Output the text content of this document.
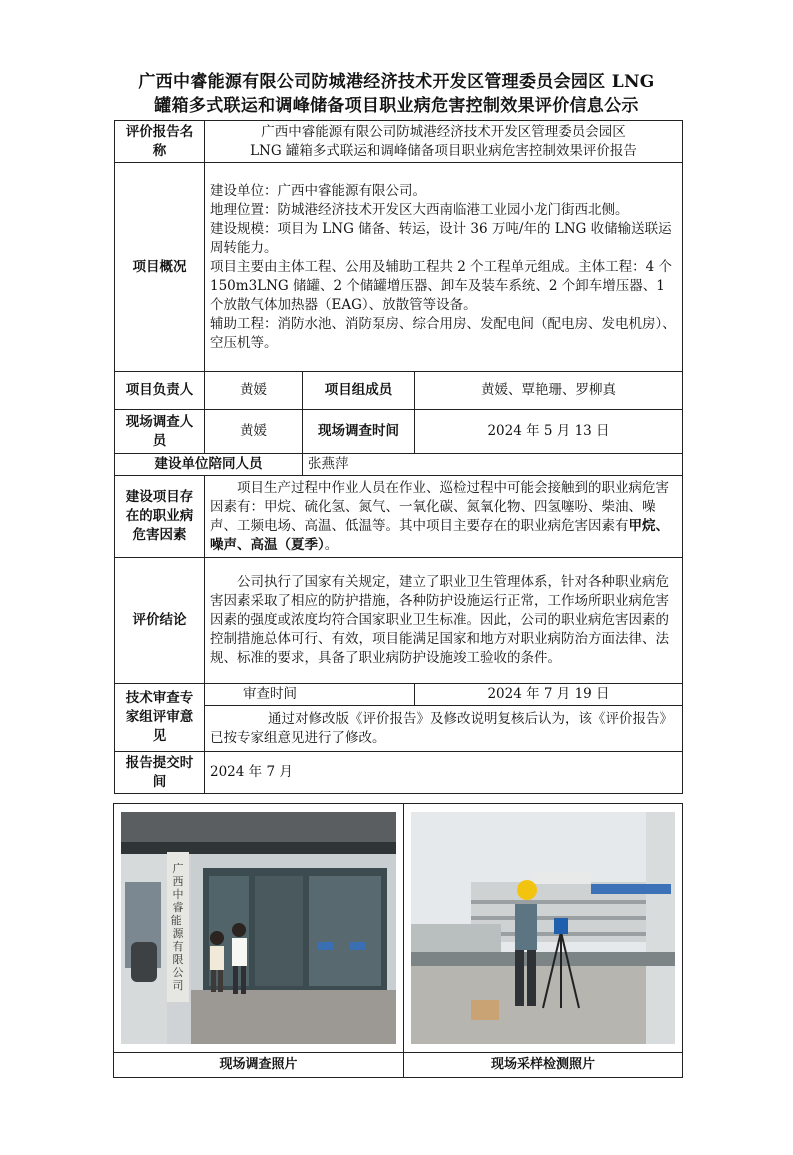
广西中睿能源有限公司防城港经济技术开发区管理委员会园区 LNG
罐箱多式联运和调峰储备项目职业病危害控制效果评价信息公示
评价报告名称	广西中睿能源有限公司防城港经济技术开发区管理委员会园区
LNG 罐箱多式联运和调峰储备项目职业病危害控制效果评价报告		

项目概况	建设单位：广西中睿能源有限公司。

地理位置：防城港经济技术开发区大西南临港工业园小龙门街西北侧。

建设规模：项目为 LNG 储备、转运，设计 36 万吨/年的 LNG 收储输送联运周转能力。

项目主要由主体工程、公用及辅助工程共 2 个工程单元组成。主体工程：4 个 150m3LNG 储罐、2 个储罐增压器、卸车及装车系统、2 个卸车增压器、1 个放散气体加热器（EAG）、放散管等设备。

辅助工程：消防水池、消防泵房、综合用房、发配电间（配电房、发电机房）、空压机等。		

项目负责人	黄媛	项目组成员	黄媛、覃艳珊、罗柳真
现场调查人员	黄媛	现场调查时间	2024 年 5 月 13 日
建设单位陪同人员		张燕萍	
建设项目存在的职业病危害因素	项目生产过程中作业人员在作业、巡检过程中可能会接触到的职业病危害因素有：甲烷、硫化氢、氮气、一氧化碳、氮氧化物、四氢噻吩、柴油、噪声、工频电场、高温、低温等。其中项目主要存在的职业病危害因素有甲烷、噪声、高温（夏季）。		

评价结论	公司执行了国家有关规定，建立了职业卫生管理体系，针对各种职业病危害因素采取了相应的防护措施，各种防护设施运行正常，工作场所职业病危害因素的强度或浓度均符合国家职业卫生标准。因此，公司的职业病危害因素的控制措施总体可行、有效，项目能满足国家和地方对职业病防治方面法律、法规、标准的要求，具备了职业病防护设施竣工验收的条件。		

技术审查专家组评审意见	审查时间		2024 年 7 月 19 日

	通过对修改版《评价报告》及修改说明复核后认为，该《评价报告》已按专家组意见进行了修改。		

报告提交时间	2024 年 7 月		
广西中睿能 源有限公司

现场调查照片	现场采样检测照片
